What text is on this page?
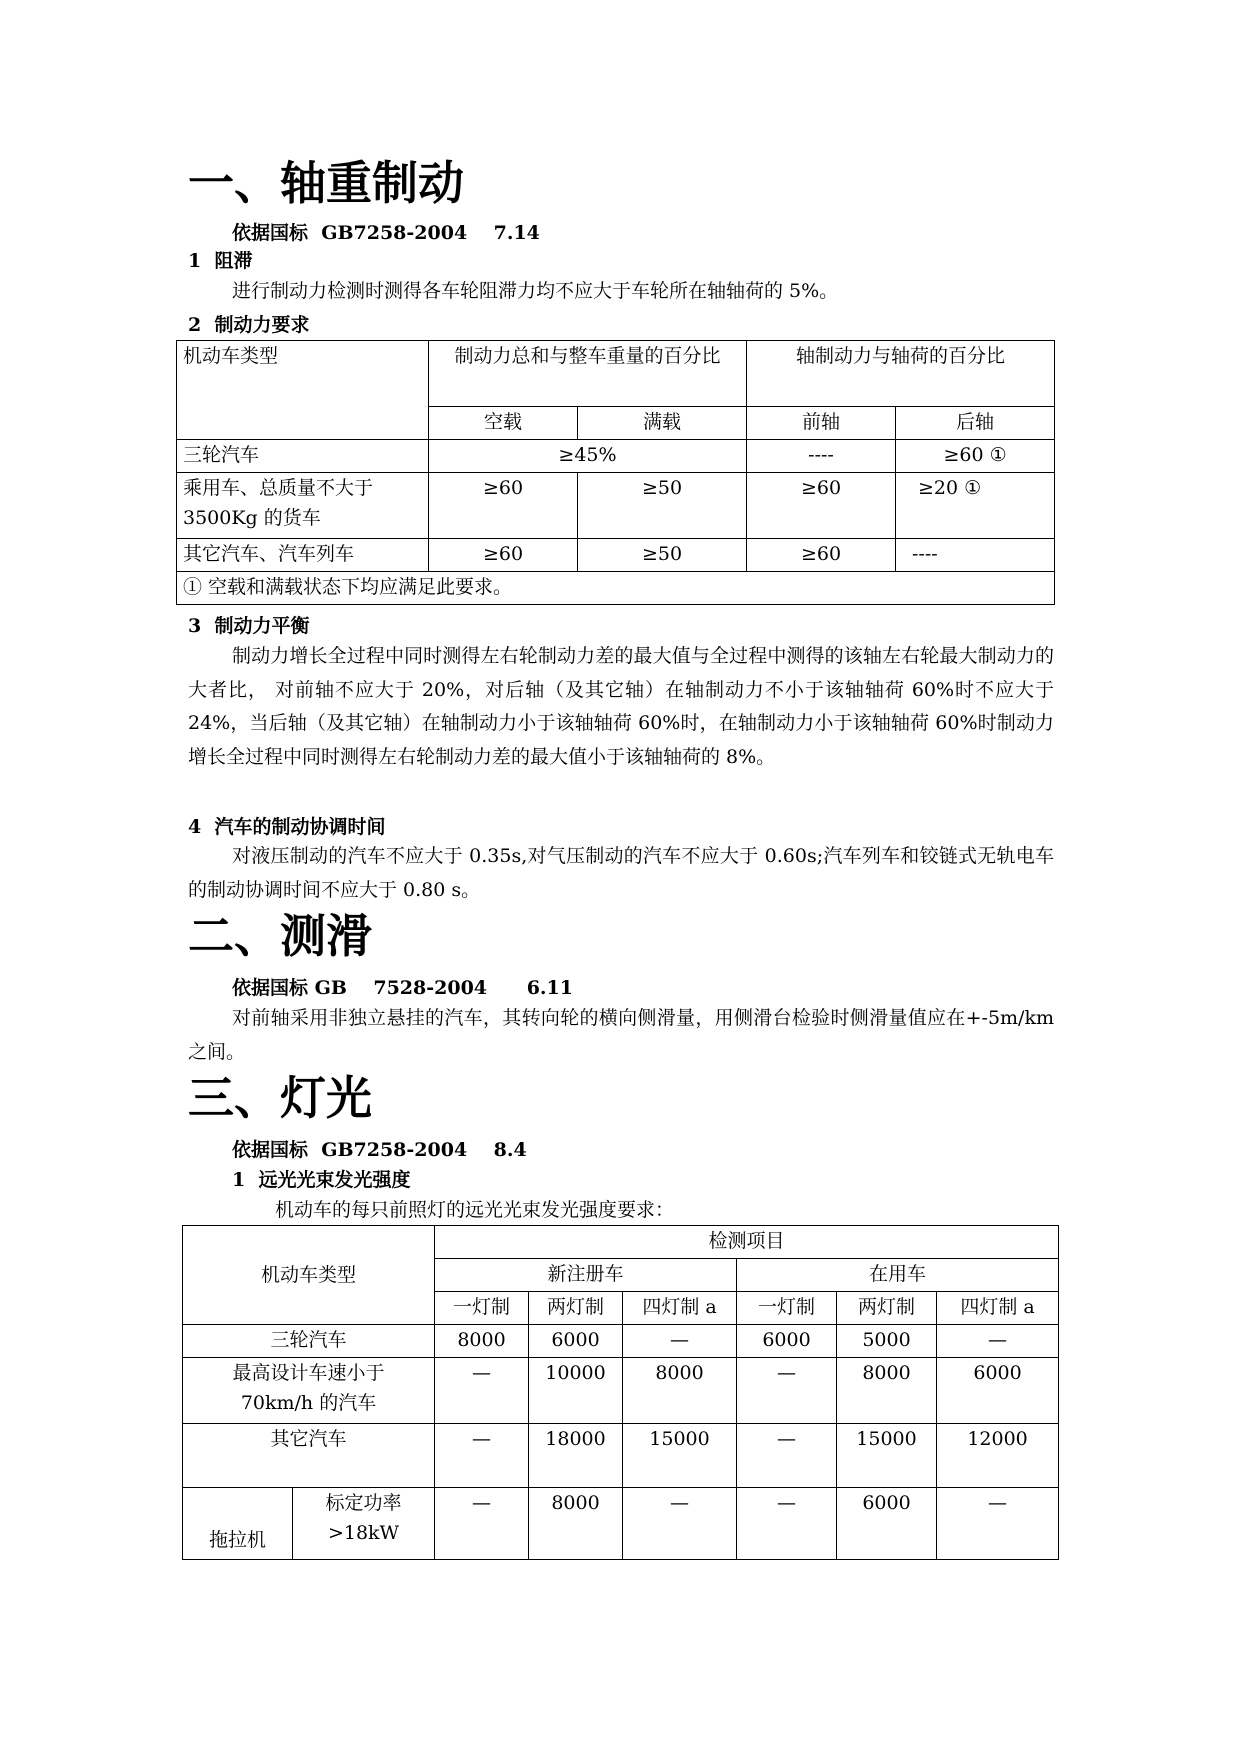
一、轴重制动
依据国标  GB7258-2004    7.14
1  阻滞
进行制动力检测时测得各车轮阻滞力均不应大于车轮所在轴轴荷的 5%。
2  制动力要求
机动车类型	制动力总和与整车重量的百分比		轴制动力与轴荷的百分比	
	空载	满载	前轴	后轴
三轮汽车	≥45%		----	≥60 ①
乘用车、总质量不大于 3500Kg 的货车	≥60	≥50	≥60	≥20 ①
其它汽车、汽车列车	≥60	≥50	≥60	----
① 空载和满载状态下均应满足此要求。				
3  制动力平衡
制动力增长全过程中同时测得左右轮制动力差的最大值与全过程中测得的该轴左右轮最大制动力的大者比， 对前轴不应大于 20%，对后轴（及其它轴）在轴制动力不小于该轴轴荷 60%时不应大于 24%，当后轴（及其它轴）在轴制动力小于该轴轴荷 60%时，在轴制动力小于该轴轴荷 60%时制动力增长全过程中同时测得左右轮制动力差的最大值小于该轴轴荷的 8%。
4  汽车的制动协调时间
对液压制动的汽车不应大于 0.35s,对气压制动的汽车不应大于 0.60s;汽车列车和铰链式无轨电车的制动协调时间不应大于 0.80 s。
二、测滑
依据国标 GB    7528-2004      6.11
对前轴采用非独立悬挂的汽车，其转向轮的横向侧滑量，用侧滑台检验时侧滑量值应在+-5m/km 之间。
三、灯光
依据国标  GB7258-2004    8.4
1  远光光束发光强度
机动车的每只前照灯的远光光束发光强度要求：
机动车类型		检测项目					
		新注册车			在用车		
		一灯制	两灯制	四灯制 a	一灯制	两灯制	四灯制 a
三轮汽车		8000	6000	—	6000	5000	—
最高设计车速小于 70km/h 的汽车		—	10000	8000	—	8000	6000
其它汽车		—	18000	15000	—	15000	12000
拖拉机	标定功率 >18kW	—	8000	—	—	6000	—
